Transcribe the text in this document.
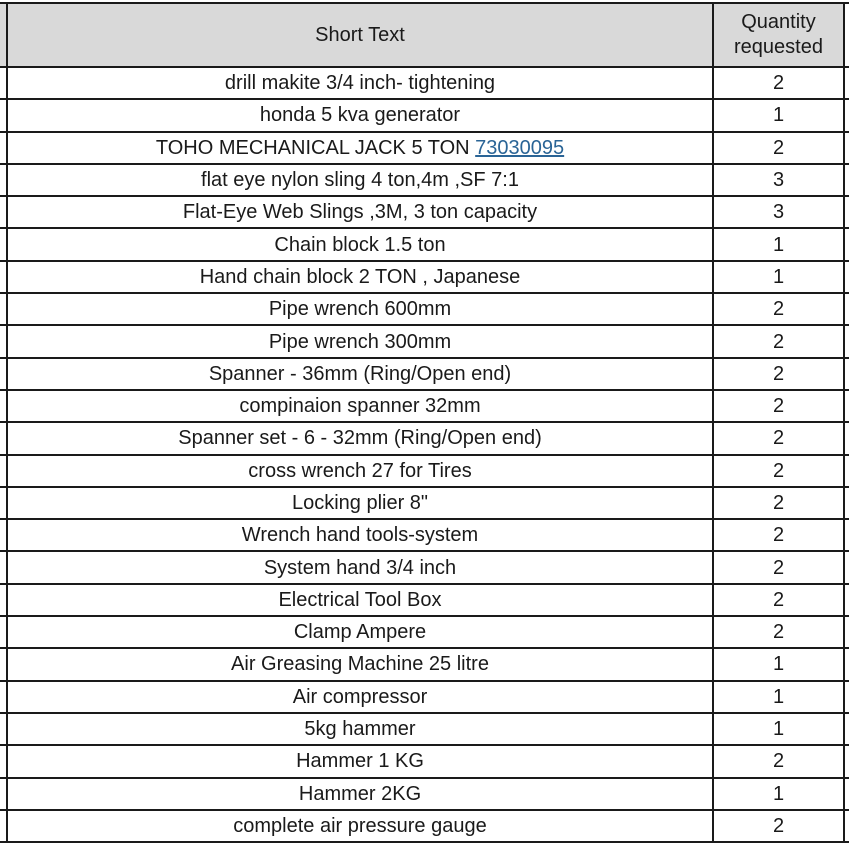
	Short Text	Quantity
requested	
	drill makite 3/4 inch- tightening	2	
	honda 5 kva generator	1	
	TOHO MECHANICAL JACK 5 TON 73030095	2	
	flat eye nylon sling 4 ton,4m ,SF 7:1	3	
	Flat-Eye Web Slings ,3M, 3 ton capacity	3	
	Chain block 1.5 ton	1	
	Hand chain block 2 TON , Japanese	1	
	Pipe wrench 600mm	2	
	Pipe wrench 300mm	2	
	Spanner - 36mm (Ring/Open end)	2	
	compinaion spanner 32mm	2	
	Spanner set - 6 - 32mm (Ring/Open end)	2	
	cross wrench 27 for Tires	2	
	Locking plier 8"	2	
	Wrench hand tools-system	2	
	System hand 3/4 inch	2	
	Electrical Tool Box	2	
	Clamp Ampere	2	
	Air Greasing Machine 25 litre	1	
	Air compressor	1	
	5kg hammer	1	
	Hammer 1 KG	2	
	Hammer 2KG	1	
	complete air pressure gauge	2	
